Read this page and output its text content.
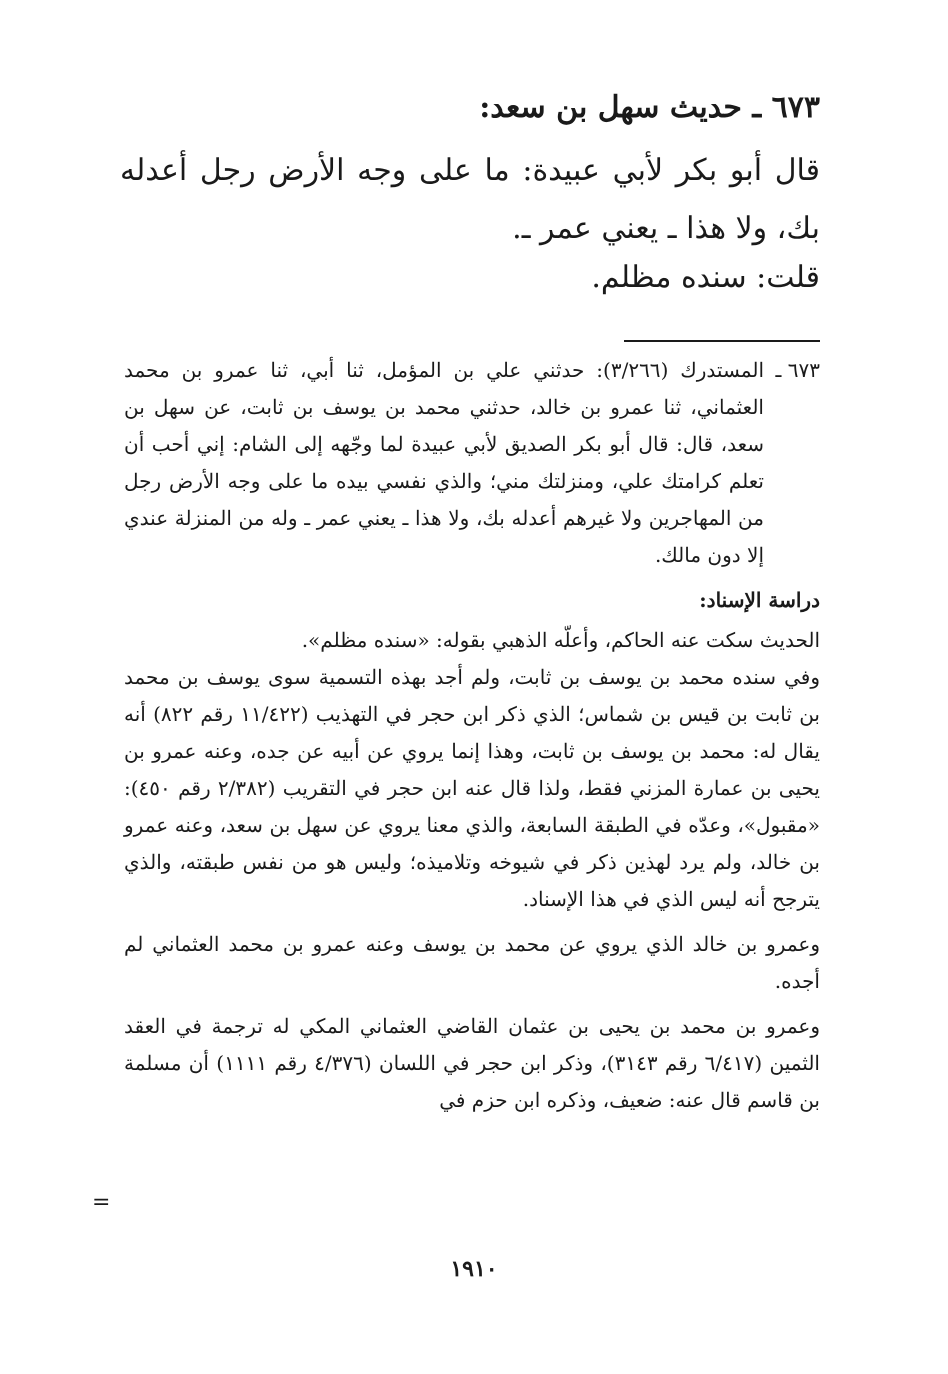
٦٧٣ ـ حديث سهل بن سعد:
قال أبو بكر لأبي عبيدة: ما على وجه الأرض رجل أعدله بك، ولا هذا ـ يعني عمر ـ.
قلت: سنده مظلم.
٦٧٣ ـ
المستدرك (٣/٢٦٦): حدثني علي بن المؤمل، ثنا أبي، ثنا عمرو بن محمد العثماني، ثنا عمرو بن خالد، حدثني محمد بن يوسف بن ثابت، عن سهل بن سعد، قال: قال أبو بكر الصديق لأبي عبيدة لما وجّهه إلى الشام: إني أحب أن تعلم كرامتك علي، ومنزلتك مني؛ والذي نفسي بيده ما على وجه الأرض رجل من المهاجرين ولا غيرهم أعدله بك، ولا هذا ـ يعني عمر ـ وله من المنزلة عندي إلا دون مالك.
دراسة الإسناد:
الحديث سكت عنه الحاكم، وأعلّه الذهبي بقوله: «سنده مظلم».
وفي سنده محمد بن يوسف بن ثابت، ولم أجد بهذه التسمية سوى يوسف بن محمد بن ثابت بن قيس بن شماس؛ الذي ذكر ابن حجر في التهذيب (١١/٤٢٢ رقم ٨٢٢) أنه يقال له: محمد بن يوسف بن ثابت، وهذا إنما يروي عن أبيه عن جده، وعنه عمرو بن يحيى بن عمارة المزني فقط، ولذا قال عنه ابن حجر في التقريب (٢/٣٨٢ رقم ٤٥٠): «مقبول»، وعدّه في الطبقة السابعة، والذي معنا يروي عن سهل بن سعد، وعنه عمرو بن خالد، ولم يرد لهذين ذكر في شيوخه وتلاميذه؛ وليس هو من نفس طبقته، والذي يترجح أنه ليس الذي في هذا الإسناد.
وعمرو بن خالد الذي يروي عن محمد بن يوسف وعنه عمرو بن محمد العثماني لم أجده.
وعمرو بن محمد بن يحيى بن عثمان القاضي العثماني المكي له ترجمة في العقد الثمين (٦/٤١٧ رقم ٣١٤٣)، وذكر ابن حجر في اللسان (٤/٣٧٦ رقم ١١١١) أن مسلمة بن قاسم قال عنه: ضعيف، وذكره ابن حزم في
=
١٩١٠
